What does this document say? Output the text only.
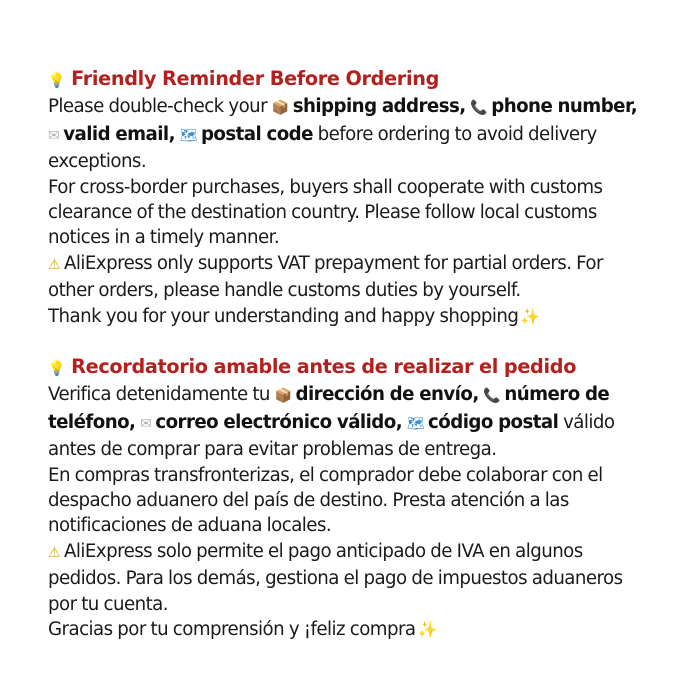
💡 Friendly Reminder Before Ordering
Please double-check your 📦 shipping address, 📞 phone number,
✉ valid email, 🗺 postal code before ordering to avoid delivery
exceptions.
For cross-border purchases, buyers shall cooperate with customs
clearance of the destination country. Please follow local customs
notices in a timely manner.
⚠ AliExpress only supports VAT prepayment for partial orders. For
other orders, please handle customs duties by yourself.
Thank you for your understanding and happy shopping ✨
💡 Recordatorio amable antes de realizar el pedido
Verifica detenidamente tu 📦 dirección de envío, 📞 número de
teléfono, ✉ correo electrónico válido, 🗺 código postal válido
antes de comprar para evitar problemas de entrega.
En compras transfronterizas, el comprador debe colaborar con el
despacho aduanero del país de destino. Presta atención a las
notificaciones de aduana locales.
⚠ AliExpress solo permite el pago anticipado de IVA en algunos
pedidos. Para los demás, gestiona el pago de impuestos aduaneros
por tu cuenta.
Gracias por tu comprensión y ¡feliz compra ✨
